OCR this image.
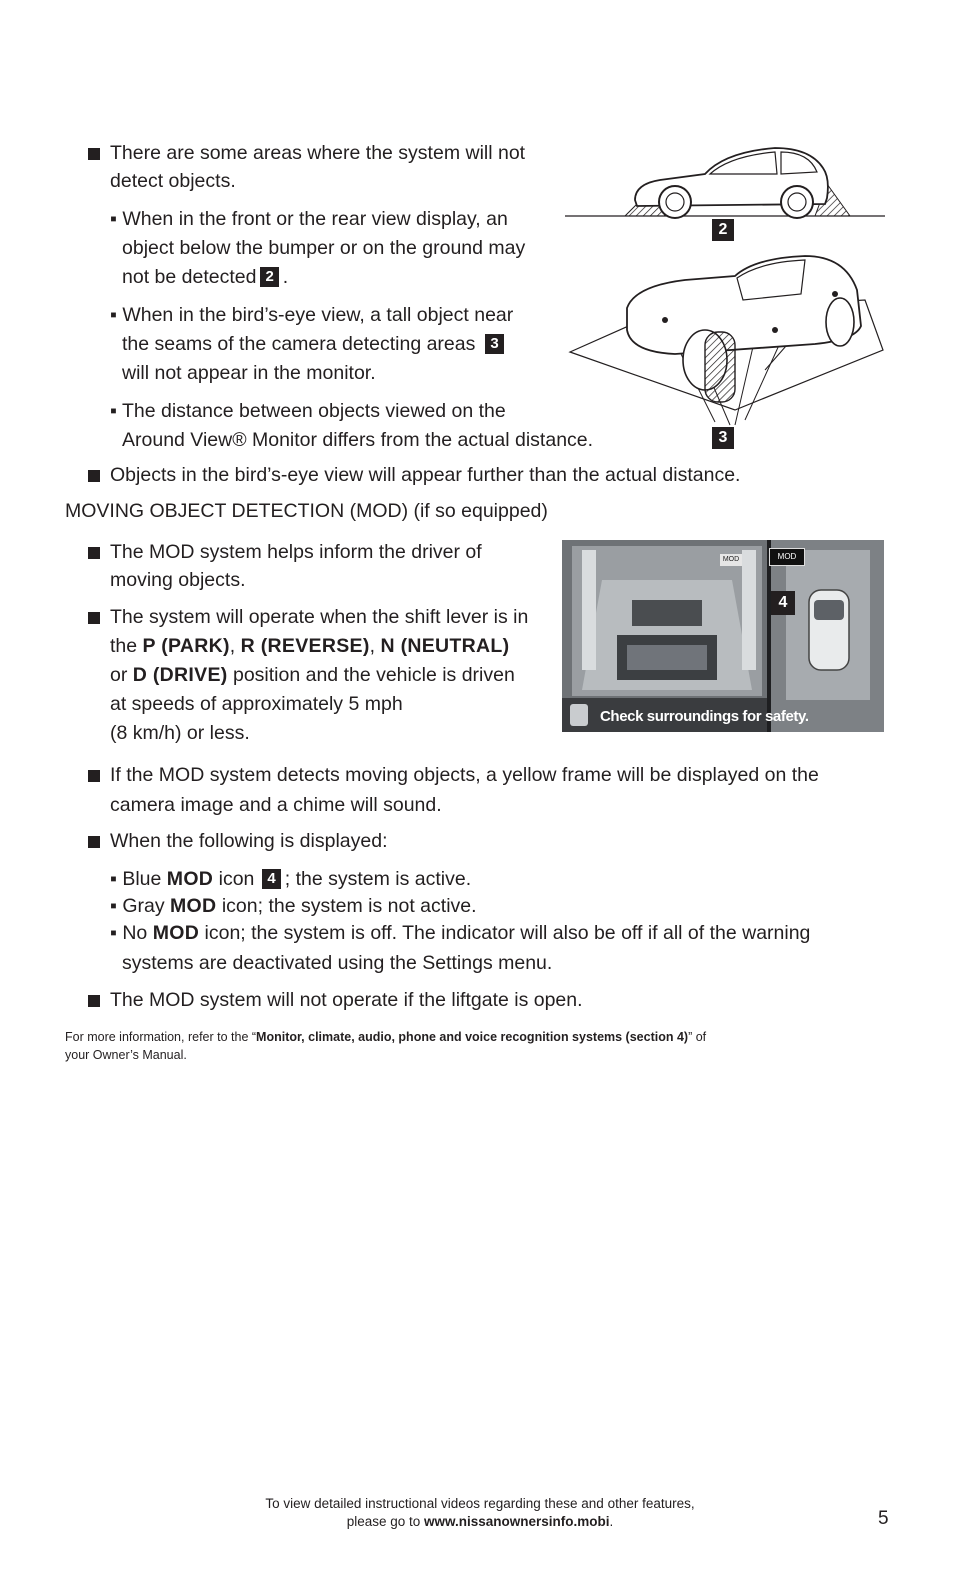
There are some areas where the system will not
detect objects.
▪ When in the front or the rear view display, an
object below the bumper or on the ground may
not be detected 2 .
▪ When in the bird’s-eye view, a tall object near
the seams of the camera detecting areas 3
will not appear in the monitor.
▪ The distance between objects viewed on the
Around View® Monitor differs from the actual distance.
Objects in the bird’s-eye view will appear further than the actual distance.
2
3
MOVING OBJECT DETECTION (MOD) (if so equipped)
The MOD system helps inform the driver of
moving objects.
The system will operate when the shift lever is in
the P (PARK), R (REVERSE), N (NEUTRAL)
or D (DRIVE) position and the vehicle is driven
at speeds of approximately 5 mph
(8 km/h) or less.
MOD	MOD
Check surroundings for safety.
4
If the MOD system detects moving objects, a yellow frame will be displayed on the
camera image and a chime will sound.
When the following is displayed:
▪ Blue MOD icon 4 ; the system is active.
▪ Gray MOD icon; the system is not active.
▪ No MOD icon; the system is off. The indicator will also be off if all of the warning
systems are deactivated using the Settings menu.
The MOD system will not operate if the liftgate is open.
For more information, refer to the “Monitor, climate, audio, phone and voice recognition systems (section 4)” of
your Owner’s Manual.
To view detailed instructional videos regarding these and other features,
please go to www.nissanownersinfo.mobi.	5
